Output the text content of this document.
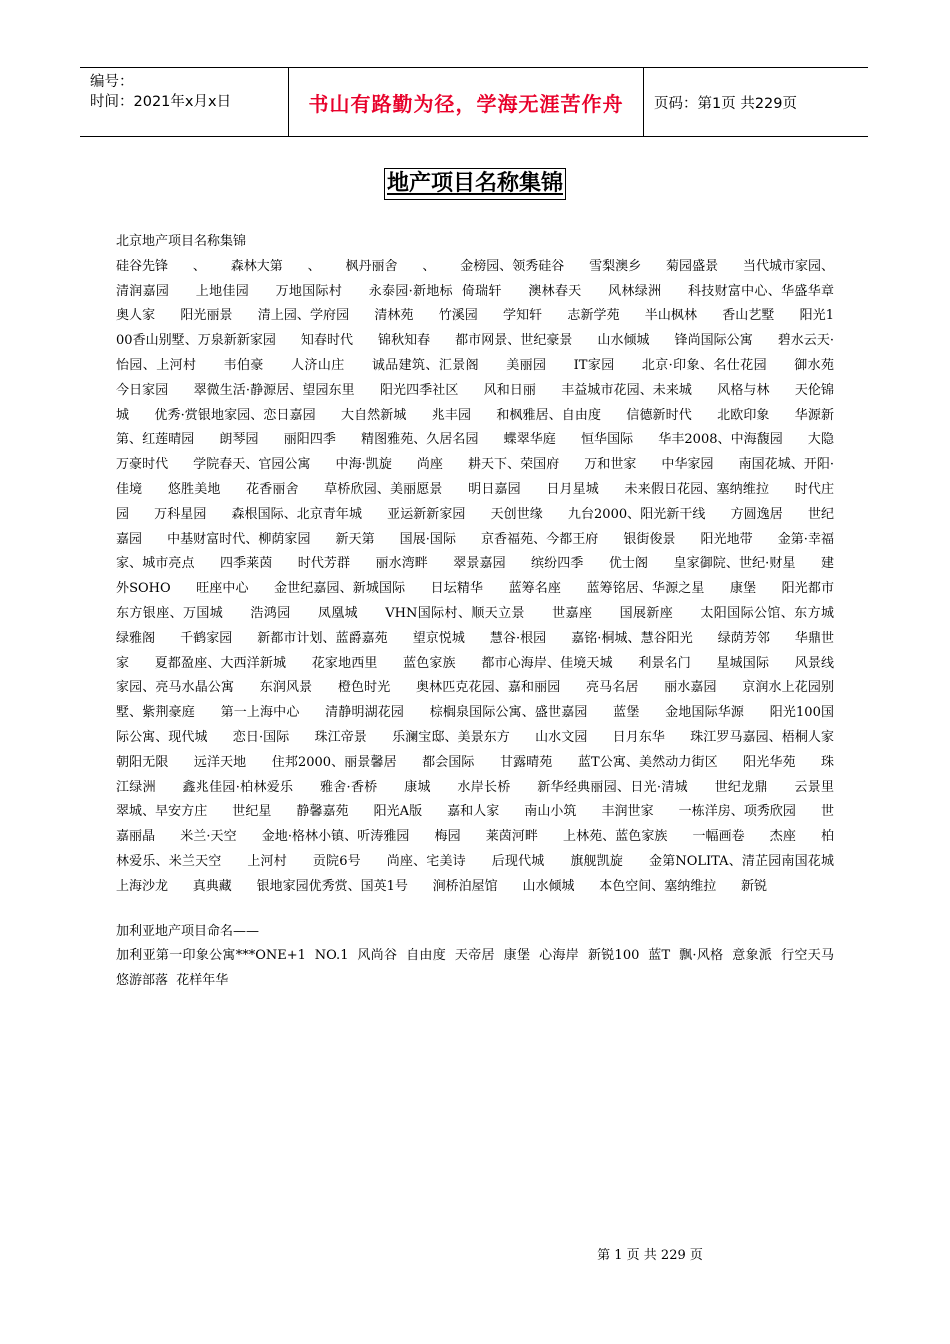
编号：
时间：2021年x月x日	书山有路勤为径，学海无涯苦作舟	页码：第1页 共229页
地产项目名称集锦

北京地产项目名称集锦

硅谷先锋      、      森林大第      、      枫丹丽舍      、      金榜园、领秀硅谷      雪梨澳乡      菊园盛景      当代城市家园、清润嘉园      上地佳园      万地国际村      永泰园·新地标  倚瑞轩      澳林春天      风林绿洲      科技财富中心、华盛华章      奥人家      阳光丽景      清上园、学府园      清林苑      竹溪园      学知轩      志新学苑      半山枫林      香山艺墅      阳光100香山别墅、万泉新新家园      知春时代      锦秋知春      都市网景、世纪豪景      山水倾城      锋尚国际公寓      碧水云天·怡园、上河村      韦伯豪      人济山庄      诚品建筑、汇景阁      美丽园      IT家园      北京·印象、名仕花园      御水苑      今日家园      翠微生活·静源居、望园东里      阳光四季社区      风和日丽      丰益城市花园、未来城      风格与林      天伦锦城      优秀·赏银地家园、恋日嘉园      大自然新城      兆丰园      和枫雅居、自由度      信德新时代      北欧印象      华源新第、红莲晴园      朗琴园      丽阳四季      精图雅苑、久居名园      蝶翠华庭      恒华国际      华丰2008、中海馥园      大隐      万豪时代      学院春天、官园公寓      中海·凯旋      尚座      耕天下、荣国府      万和世家      中华家园      南国花城、开阳·佳境      悠胜美地      花香丽舍      草桥欣园、美丽愿景      明日嘉园      日月星城      未来假日花园、塞纳维拉      时代庄园      万科星园      森根国际、北京青年城      亚运新新家园      天创世缘      九台2000、阳光新干线      方圆逸居      世纪嘉园      中基财富时代、柳荫家园      新天第      国展·国际      京香福苑、今都王府      银街俊景      阳光地带      金第·幸福家、城市亮点      四季莱茵      时代芳群      丽水湾畔      翠景嘉园      缤纷四季      优士阁      皇家御院、世纪·财星      建外SOHO      旺座中心      金世纪嘉园、新城国际      日坛精华      蓝筹名座      蓝筹铭居、华源之星      康堡      阳光都市      东方银座、万国城      浩鸿园      凤凰城      VHN国际村、顺天立景      世嘉座      国展新座      太阳国际公馆、东方城      绿雅阁      千鹤家园      新都市计划、蓝爵嘉苑      望京悦城      慧谷·根园      嘉铭·桐城、慧谷阳光      绿荫芳邻      华鼎世家      夏都盈座、大西洋新城      花家地西里      蓝色家族      都市心海岸、佳境天城      利景名门      星城国际      风景线家园、亮马水晶公寓      东润风景      橙色时光      奥林匹克花园、嘉和丽园      亮马名居      丽水嘉园      京润水上花园别墅、紫荆豪庭      第一上海中心      清静明湖花园      棕榈泉国际公寓、盛世嘉园      蓝堡      金地国际华源      阳光100国际公寓、现代城      恋日·国际      珠江帝景      乐澜宝邸、美景东方      山水文园      日月东华      珠江罗马嘉园、梧桐人家      朝阳无限      远洋天地      住邦2000、丽景馨居      都会国际      甘露晴苑      蓝T公寓、美然动力街区      阳光华苑      珠江绿洲      鑫兆佳园·柏林爱乐      雅舍·香桥      康城      水岸长桥      新华经典丽园、日光·清城      世纪龙鼎      云景里      翠城、早安方庄      世纪星      静馨嘉苑      阳光A版      嘉和人家      南山小筑      丰润世家      一栋洋房、项秀欣园      世嘉丽晶      米兰·天空      金地·格林小镇、听涛雅园      梅园      莱茵河畔      上林苑、蓝色家族      一幅画卷      杰座      柏林爱乐、米兰天空      上河村      贡院6号      尚座、宅美诗      后现代城      旗舰凯旋      金第NOLITA、清芷园南国花城      上海沙龙      真典藏      银地家园优秀赏、国英1号      涧桥泊屋馆      山水倾城      本色空间、塞纳维拉      新锐

加利亚地产项目命名——

加利亚第一印象公寓***ONE+1  NO.1  风尚谷  自由度  天帝居  康堡  心海岸  新锐100  蓝T  飘·风格  意象派  行空天马  悠游部落  花样年华

第 1 页 共 229 页
